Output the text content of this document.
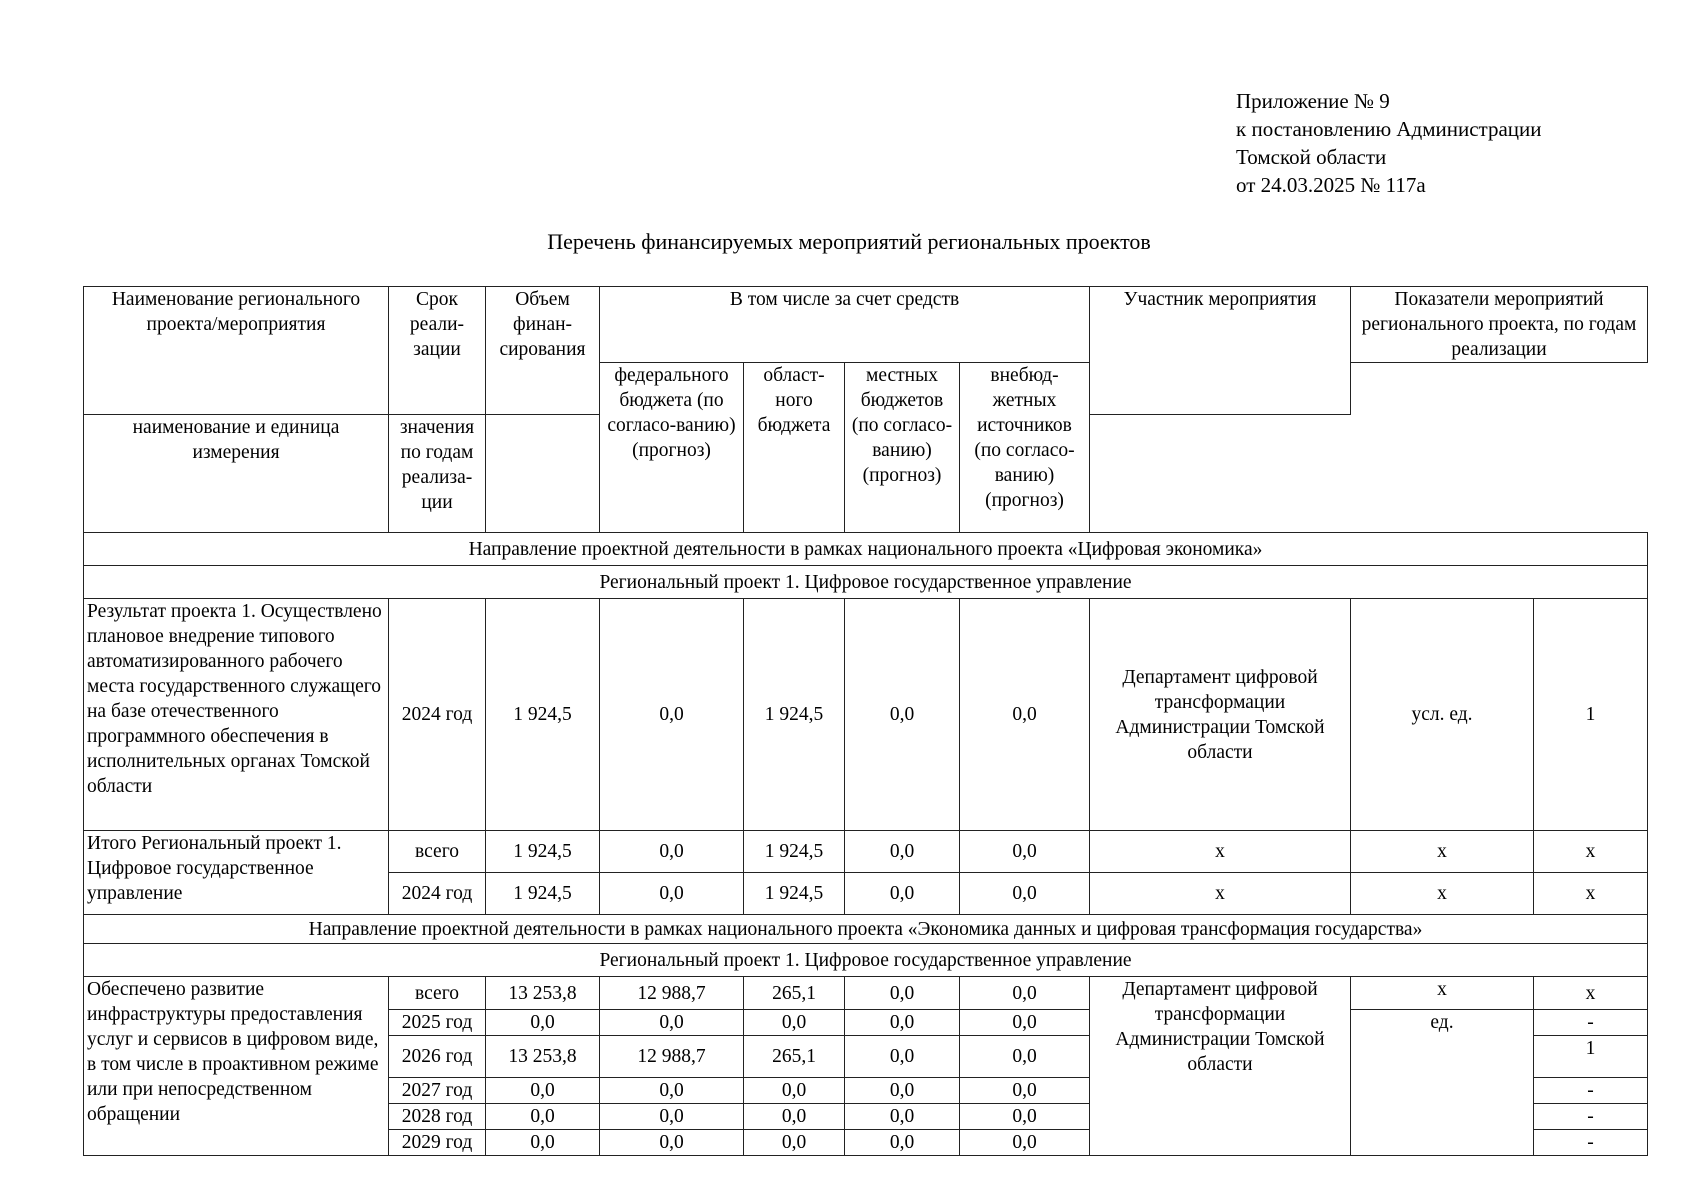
Приложение № 9
к постановлению Администрации
Томской области
от 24.03.2025 № 117а
Перечень финансируемых мероприятий региональных проектов
Наименование регионального проекта/мероприятия	Срок реали-зации	Объем финан-сирования	В том числе за счет средств				Участник мероприятия	Показатели мероприятий регионального проекта, по годам реализации	
			федерального бюджета (по согласо-ванию) (прогноз)	област-ного бюджета	местных бюджетов (по согласо-ванию) (прогноз)	внебюд-жетных источников (по согласо-ванию) (прогноз)			
наименование и единица измерения	значения по годам реализа-ции								
Направление проектной деятельности в рамках национального проекта «Цифровая экономика»									
Региональный проект 1. Цифровое государственное управление									
Результат проекта 1. Осуществлено плановое внедрение типового автоматизированного рабочего места государственного служащего на базе отечественного программного обеспечения в исполнительных органах Томской области	2024 год	1 924,5	0,0	1 924,5	0,0	0,0	Департамент цифровой трансформации Администрации Томской области	усл. ед.	1
Итого Региональный проект 1. Цифровое государственное управление	всего	1 924,5	0,0	1 924,5	0,0	0,0	х	х	х
	2024 год	1 924,5	0,0	1 924,5	0,0	0,0	х	х	х
Направление проектной деятельности в рамках национального проекта «Экономика данных и цифровая трансформация государства»									
Региональный проект 1. Цифровое государственное управление									
Обеспечено развитие инфраструктуры предоставления услуг и сервисов в цифровом виде, в том числе в проактивном режиме или при непосредственном обращении	всего	13 253,8	12 988,7	265,1	0,0	0,0	Департамент цифровой трансформации Администрации Томской области	х	х
	2025 год	0,0	0,0	0,0	0,0	0,0		ед.	-
	2026 год	13 253,8	12 988,7	265,1	0,0	0,0			1
	2027 год	0,0	0,0	0,0	0,0	0,0			-
	2028 год	0,0	0,0	0,0	0,0	0,0			-
	2029 год	0,0	0,0	0,0	0,0	0,0			-
